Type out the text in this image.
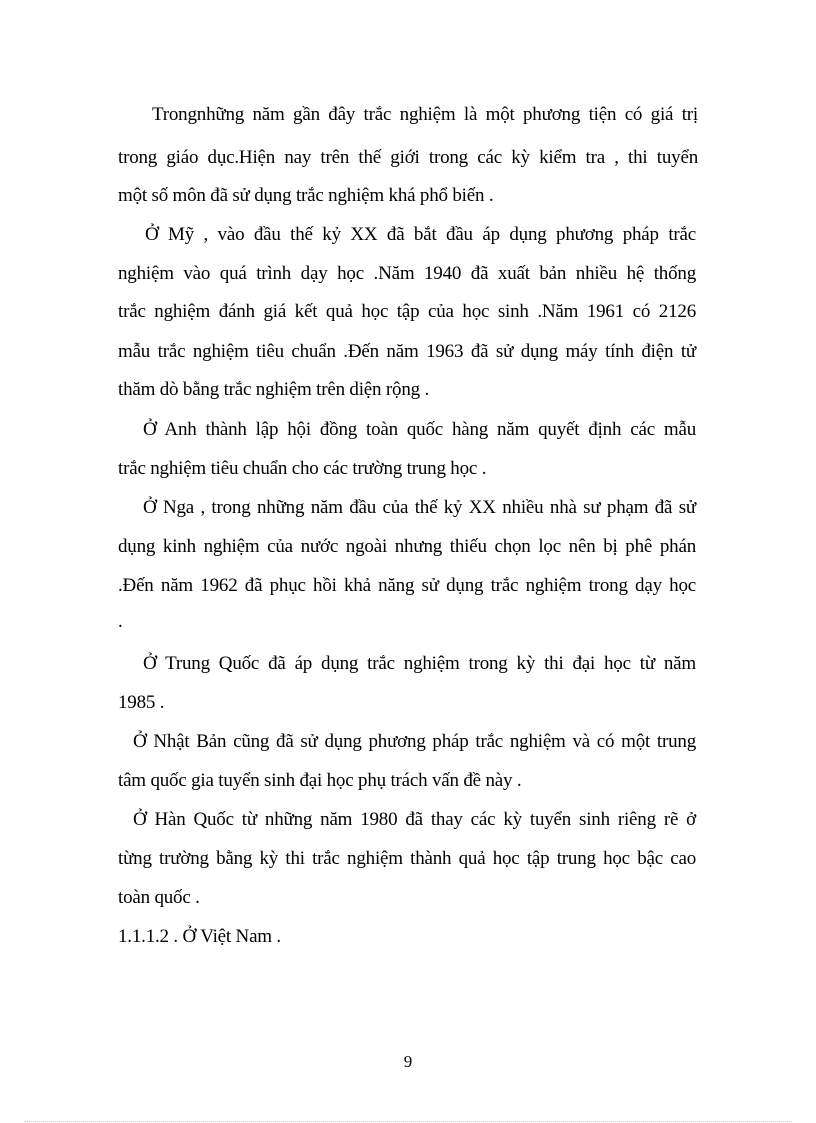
Trongnhững năm gần đây trắc nghiệm là một phương tiện có giá trị
trong giáo dục.Hiện nay trên thế giới trong các kỳ kiểm tra , thi tuyển
một số môn đã sử dụng trắc nghiệm khá phổ biến .
Ở Mỹ , vào đầu thế kỷ XX đã bắt đầu áp dụng phương pháp trắc
nghiệm vào quá trình dạy học .Năm 1940 đã xuất bản nhiều hệ thống
trắc nghiệm đánh giá kết quả học tập của học sinh .Năm 1961 có 2126
mẫu trắc nghiệm tiêu chuẩn .Đến năm 1963 đã sử dụng máy tính điện tử
thăm dò bằng trắc nghiệm trên diện rộng .
Ở Anh thành lập hội đồng toàn quốc hàng năm quyết định các mẫu
trắc nghiệm tiêu chuẩn cho các trường trung học .
Ở Nga , trong những năm đầu của thế kỷ XX nhiều nhà sư phạm đã sử
dụng kinh nghiệm của nước ngoài nhưng thiếu chọn lọc nên bị phê phán
.Đến năm 1962 đã phục hồi khả năng sử dụng trắc nghiệm trong dạy học
.
Ở Trung Quốc đã áp dụng trắc nghiệm trong kỳ thi đại học từ năm
1985 .
Ở Nhật Bản cũng đã sử dụng phương pháp trắc nghiệm và có một trung
tâm quốc gia tuyển sinh đại học phụ trách vấn đề này .
Ở Hàn Quốc từ những năm 1980 đã thay các kỳ tuyển sinh riêng rẽ ở
từng trường bằng kỳ thi trắc nghiệm thành quả học tập trung học bậc cao
toàn quốc .
1.1.1.2 . Ở Việt Nam .
9
